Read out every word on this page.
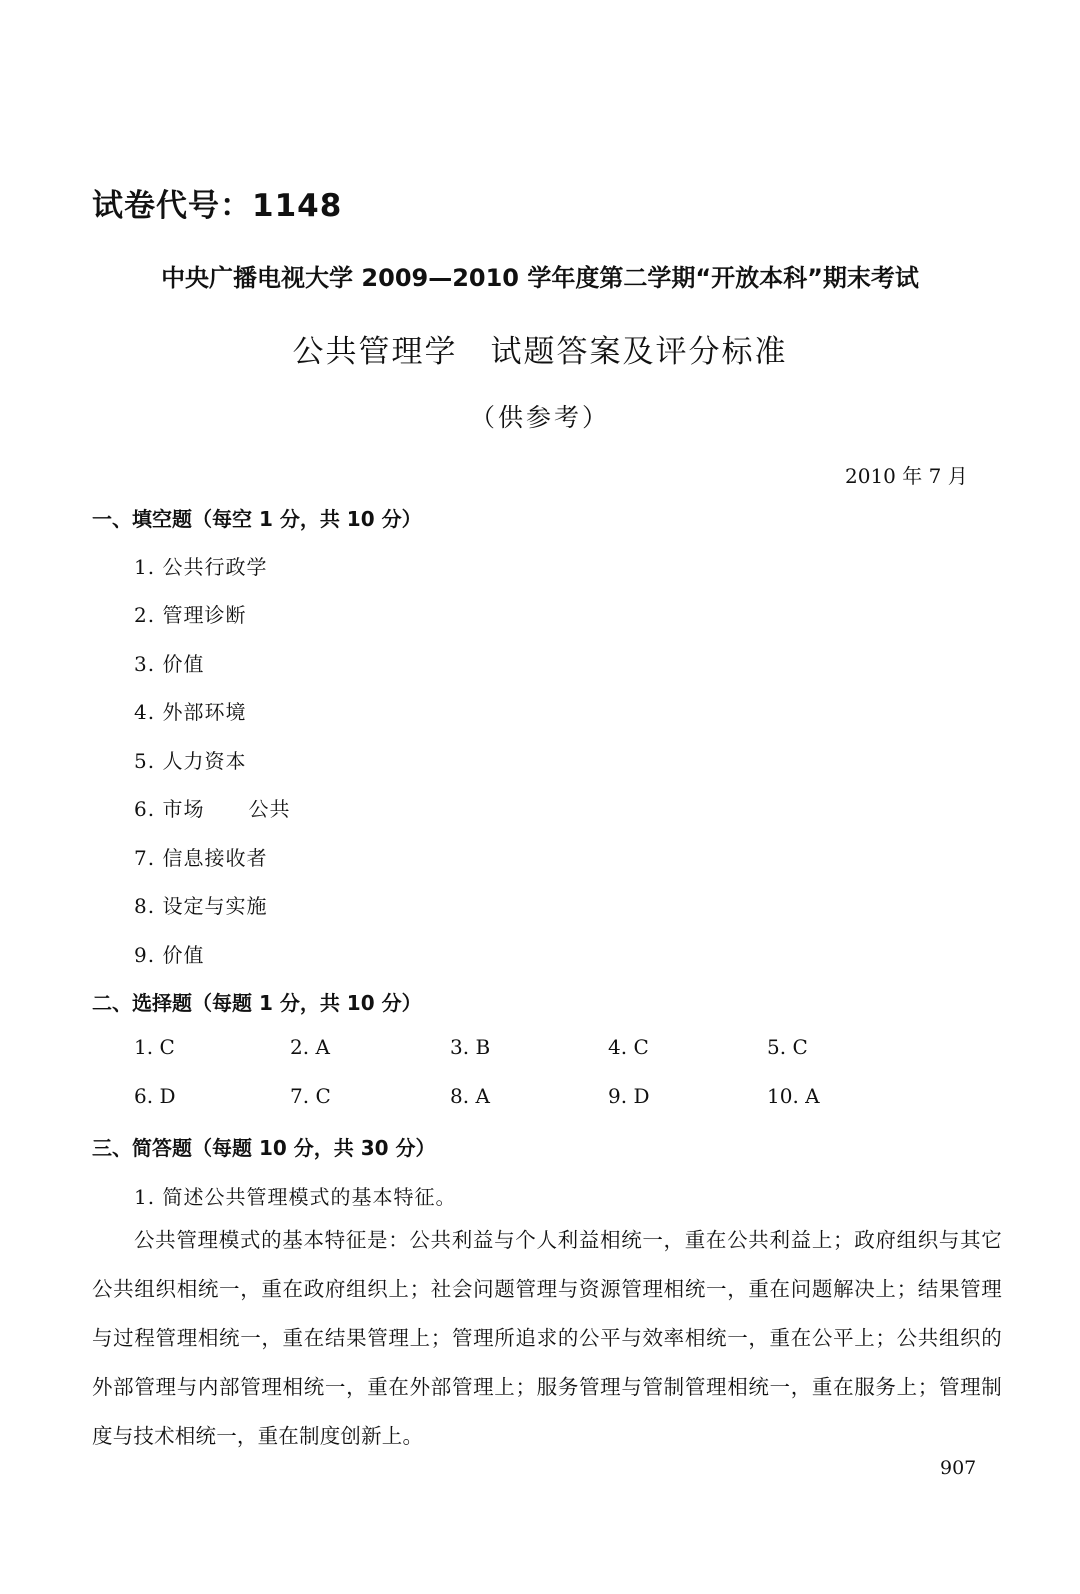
试卷代号：1148
中央广播电视大学 2009—2010 学年度第二学期“开放本科”期末考试
公共管理学　试题答案及评分标准
（供参考）
2010 年 7 月
一、填空题（每空 1 分，共 10 分）
1. 公共行政学
2. 管理诊断
3. 价值
4. 外部环境
5. 人力资本
6. 市场 公共
7. 信息接收者
8. 设定与实施
9. 价值
二、选择题（每题 1 分，共 10 分）
1. C	2. A	3. B	4. C	5. C
6. D	7. C	8. A	9. D	10. A
三、简答题（每题 10 分，共 30 分）
1. 简述公共管理模式的基本特征。
公共管理模式的基本特征是：公共利益与个人利益相统一，重在公共利益上；政府组织与其它公共组织相统一，重在政府组织上；社会问题管理与资源管理相统一，重在问题解决上；结果管理与过程管理相统一，重在结果管理上；管理所追求的公平与效率相统一，重在公平上；公共组织的外部管理与内部管理相统一，重在外部管理上；服务管理与管制管理相统一，重在服务上；管理制度与技术相统一，重在制度创新上。
907
